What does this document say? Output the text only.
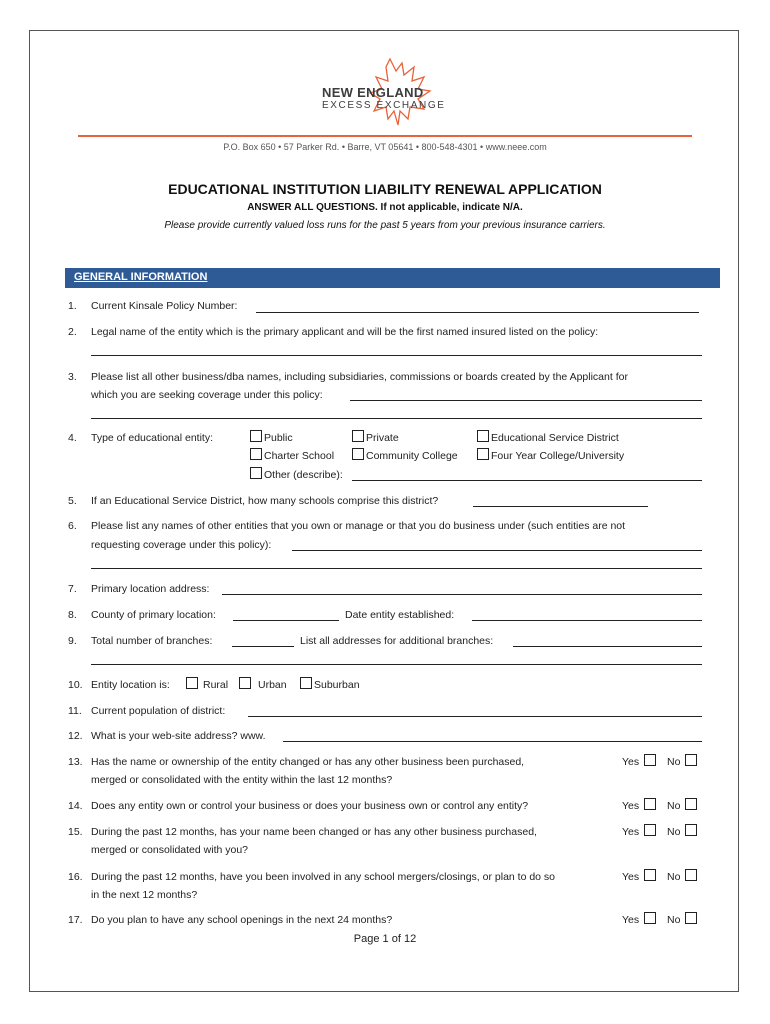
NEW ENGLAND
EXCESS EXCHANGE
P.O. Box 650 • 57 Parker Rd. • Barre, VT 05641 • 800-548-4301 • www.neee.com
EDUCATIONAL INSTITUTION LIABILITY RENEWAL APPLICATION
ANSWER ALL QUESTIONS. If not applicable, indicate N/A.
Please provide currently valued loss runs for the past 5 years from your previous insurance carriers.
GENERAL INFORMATION
1. Current Kinsale Policy Number:
2. Legal name of the entity which is the primary applicant and will be the first named insured listed on the policy:
3. Please list all other business/dba names, including subsidiaries, commissions or boards created by the Applicant for
which you are seeking coverage under this policy:
4. Type of educational entity:	Public	Private	Educational Service District
Charter School	Community College	Four Year College/University
Other (describe):
5. If an Educational Service District, how many schools comprise this district?
6. Please list any names of other entities that you own or manage or that you do business under (such entities are not
requesting coverage under this policy):
7. Primary location address:
8. County of primary location:	Date entity established:
9. Total number of branches:	List all addresses for additional branches:
10. Entity location is:	Rural	Urban	Suburban
11. Current population of district:
12. What is your web-site address? www.
13. Has the name or ownership of the entity changed or has any other business been purchased,
merged or consolidated with the entity within the last 12 months?
Yes	No
14. Does any entity own or control your business or does your business own or control any entity?	Yes	No
15. During the past 12 months, has your name been changed or has any other business purchased,
merged or consolidated with you?
Yes	No
16. During the past 12 months, have you been involved in any school mergers/closings, or plan to do so
in the next 12 months?
Yes	No
17. Do you plan to have any school openings in the next 24 months?	Yes	No
Page 1 of 12
